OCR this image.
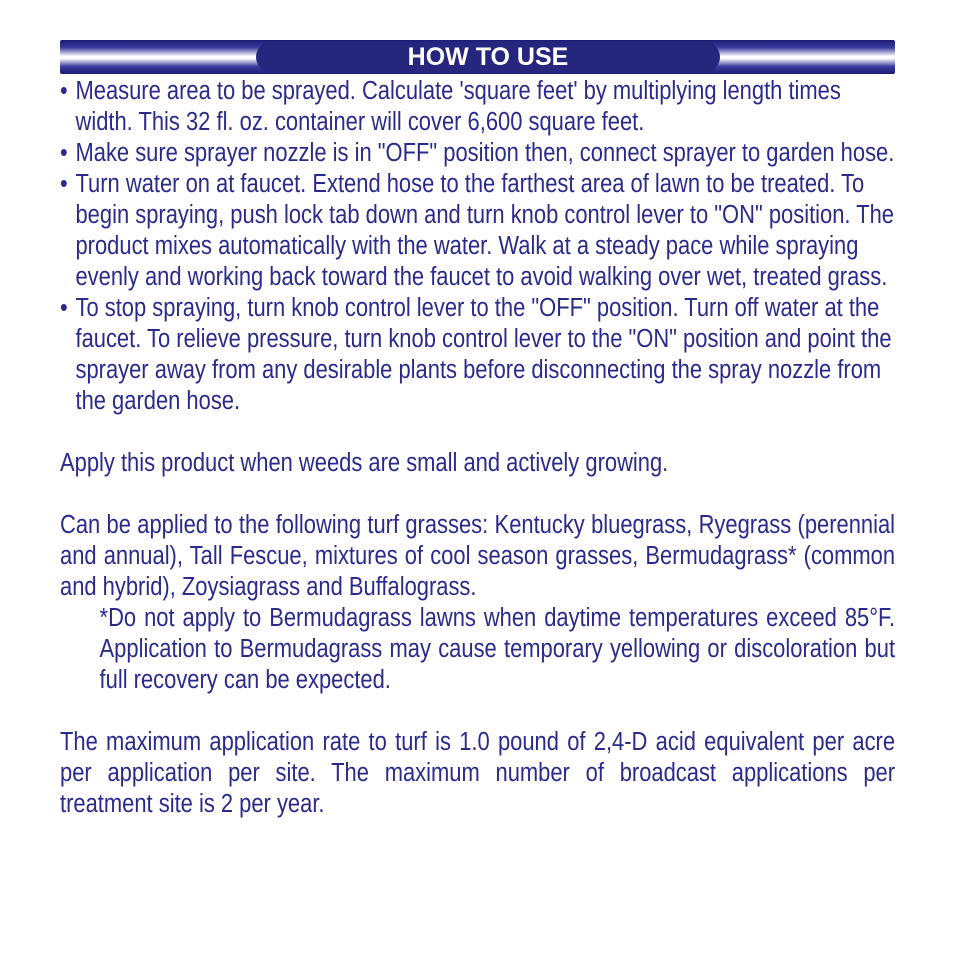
HOW TO USE
• Measure area to be sprayed. Calculate 'square feet' by multiplying length times width. This 32 fl. oz. container will cover 6,600 square feet.
• Make sure sprayer nozzle is in "OFF" position then, connect sprayer to garden hose.
• Turn water on at faucet. Extend hose to the farthest area of lawn to be treated. To begin spraying, push lock tab down and turn knob control lever to "ON" position. The product mixes automatically with the water. Walk at a steady pace while spraying evenly and working back toward the faucet to avoid walking over wet, treated grass.
• To stop spraying, turn knob control lever to the "OFF" position. Turn off water at the faucet. To relieve pressure, turn knob control lever to the "ON" position and point the sprayer away from any desirable plants before disconnecting the spray nozzle from the garden hose.

Apply this product when weeds are small and actively growing.

Can be applied to the following turf grasses: Kentucky bluegrass, Ryegrass (perennial and annual), Tall Fescue, mixtures of cool season grasses, Bermudagrass* (common and hybrid), Zoysiagrass and Buffalograss.

*Do not apply to Bermudagrass lawns when daytime temperatures exceed 85°F. Application to Bermudagrass may cause temporary yellowing or discoloration but full recovery can be expected.

The maximum application rate to turf is 1.0 pound of 2,4-D acid equivalent per acre per application per site. The maximum number of broadcast applications per treatment site is 2 per year.
